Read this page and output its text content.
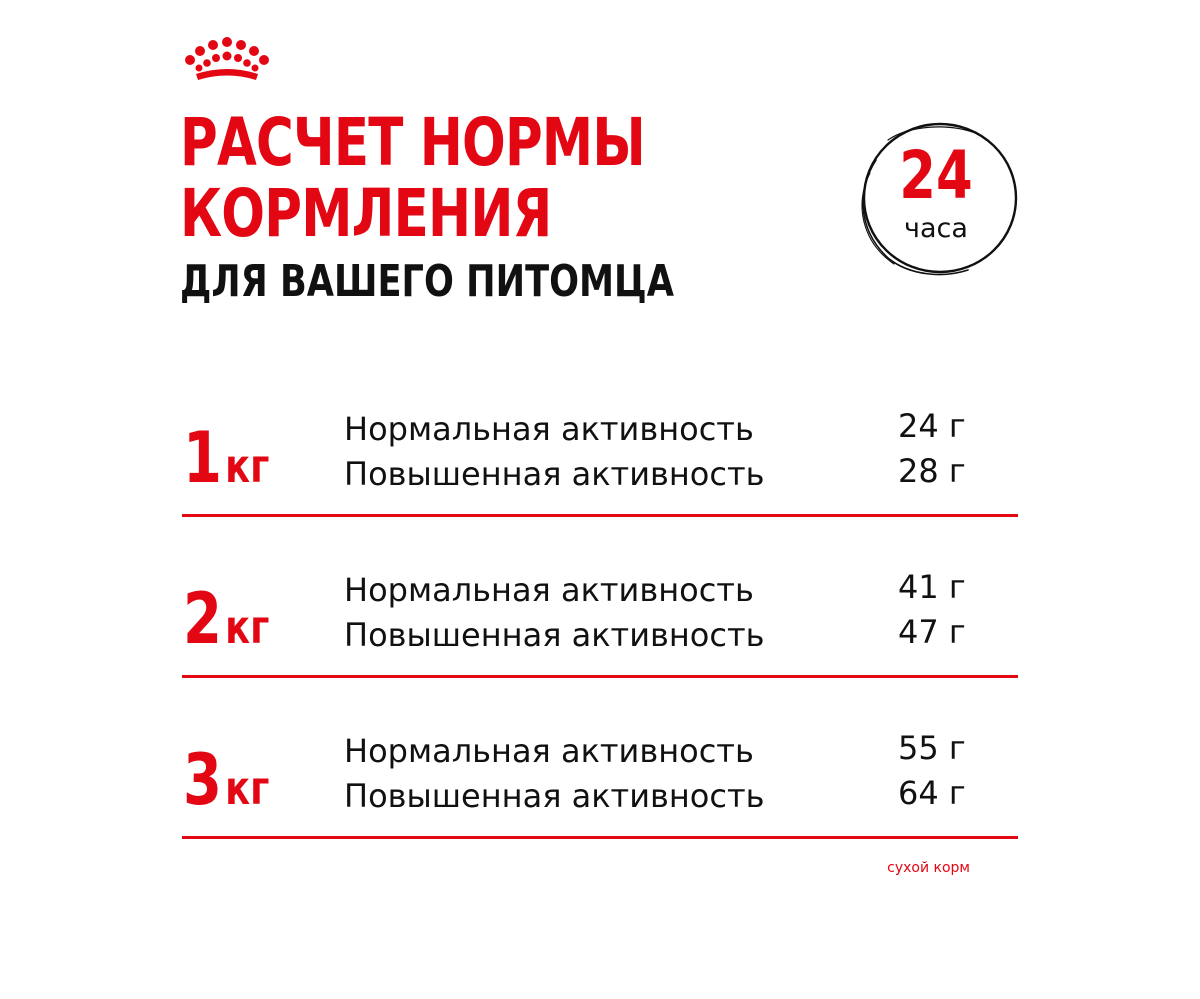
РАСЧЕТ НОРМЫ
КОРМЛЕНИЯ
ДЛЯ ВАШЕГО ПИТОМЦА
24
часа
1кг
Нормальная активность	24 г
Повышенная активность	28 г
2кг
Нормальная активность	41 г
Повышенная активность	47 г
3кг
Нормальная активность	55 г
Повышенная активность	64 г
сухой корм
